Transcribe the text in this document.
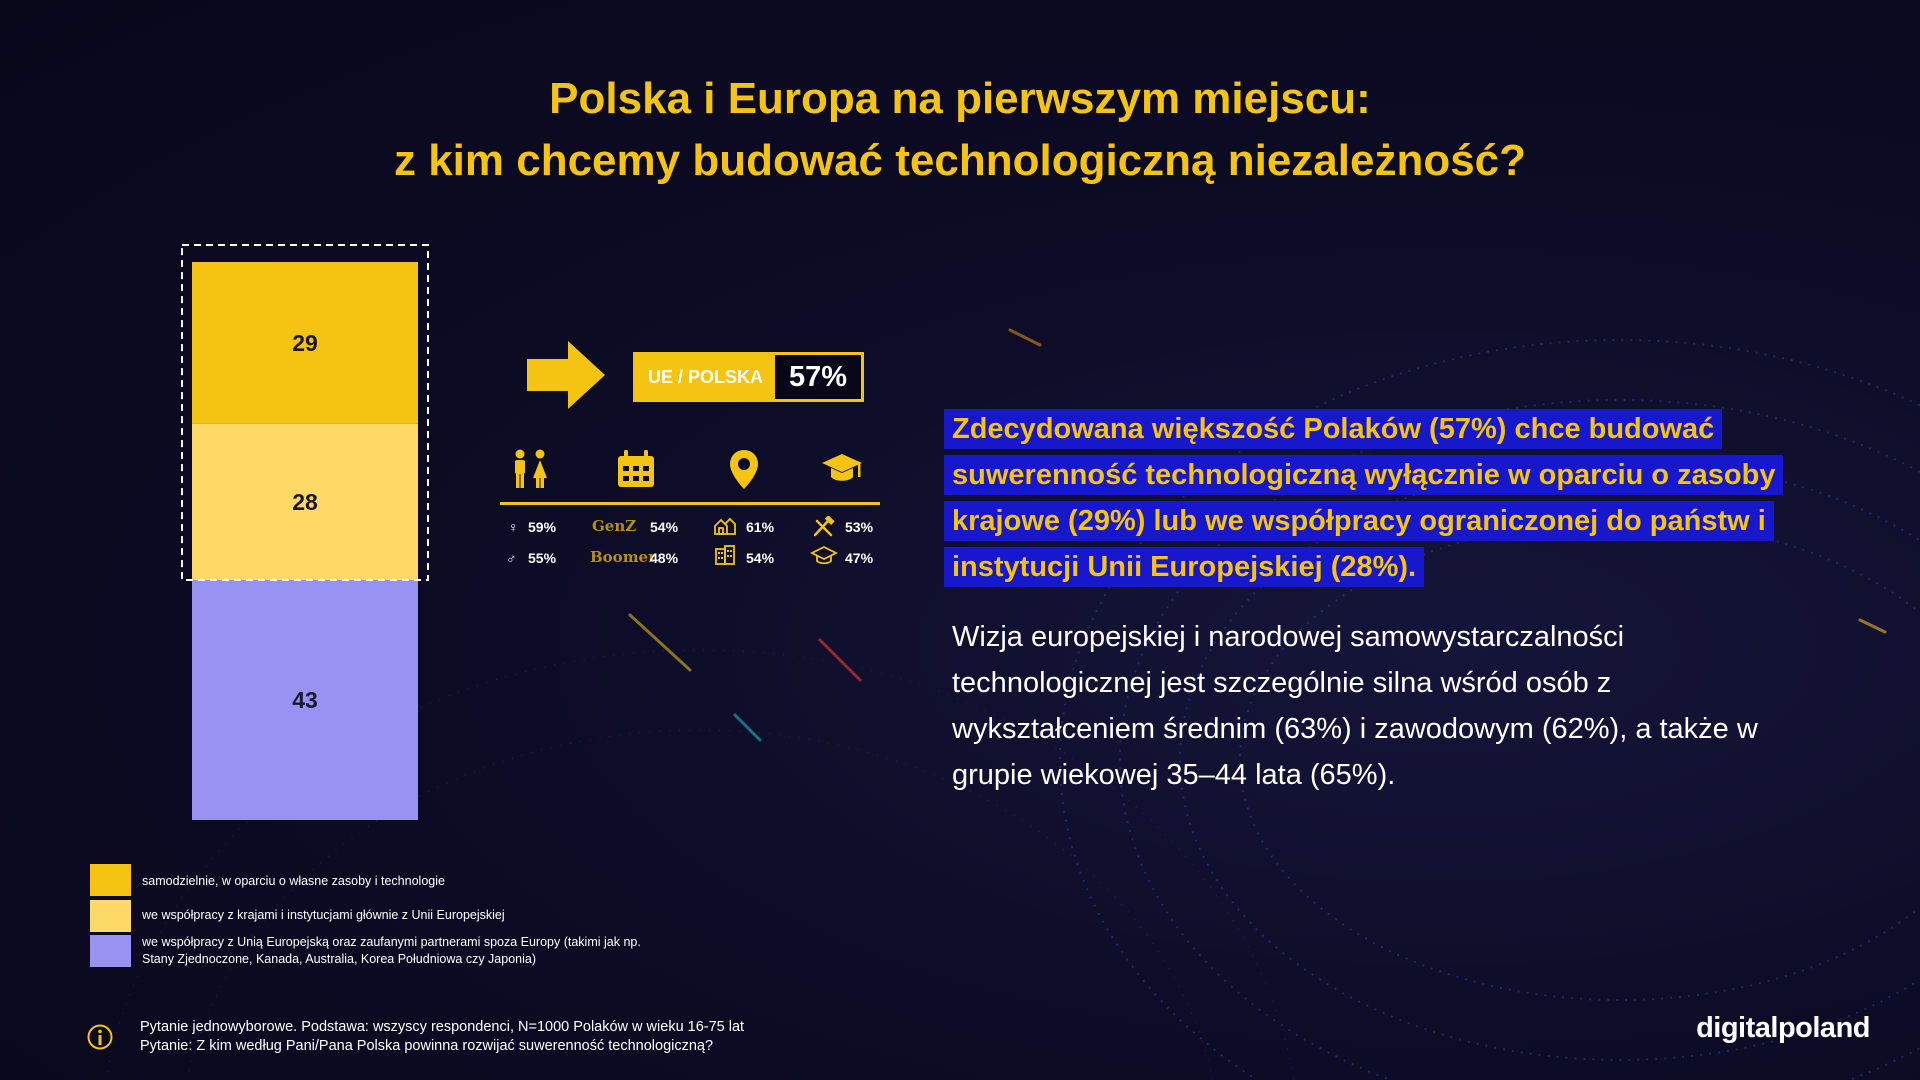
Polska i Europa na pierwszym miejscu:
z kim chcemy budować technologiczną niezależność?
29
28
43
UE / POLSKA 57%
♀ 59%
♂ 55%
GenZ 54%
Boomer
48%
61%
54%
53%
47%
Zdecydowana większość Polaków (57%) chce budować suwerenność technologiczną wyłącznie w oparciu o zasoby krajowe (29%) lub we współpracy ograniczonej do państw i instytucji Unii Europejskiej (28%).
Wizja europejskiej i narodowej samowystarczalności technologicznej jest szczególnie silna wśród osób z wykształceniem średnim (63%) i zawodowym (62%), a także w grupie wiekowej 35–44 lata (65%).
samodzielnie, w oparciu o własne zasoby i technologie
we współpracy z krajami i instytucjami głównie z Unii Europejskiej
we współpracy z Unią Europejską oraz zaufanymi partnerami spoza Europy (takimi jak np.
Stany Zjednoczone, Kanada, Australia, Korea Południowa czy Japonia)
Pytanie jednowyborowe. Podstawa: wszyscy respondenci, N=1000 Polaków w wieku 16-75 lat
Pytanie: Z kim według Pani/Pana Polska powinna rozwijać suwerenność technologiczną?
digitalpoland
